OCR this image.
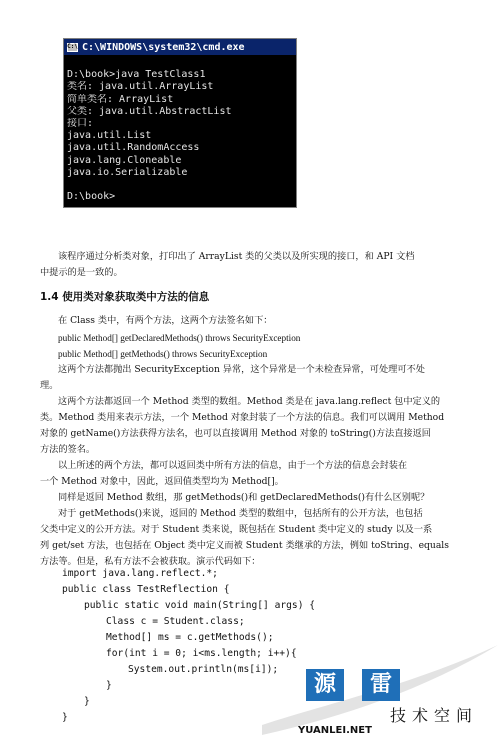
C:\ C:\WINDOWS\system32\cmd.exe
D:\book>java TestClass1
类名: java.util.ArrayList
简单类名: ArrayList
父类: java.util.AbstractList
接口:
java.util.List
java.util.RandomAccess
java.lang.Cloneable
java.io.Serializable
D:\book>
该程序通过分析类对象，打印出了 ArrayList 类的父类以及所实现的接口，和 API 文档
中提示的是一致的。
1.4 使用类对象获取类中方法的信息
在 Class 类中，有两个方法，这两个方法签名如下：
public Method[] getDeclaredMethods() throws SecurityException
public Method[] getMethods() throws SecurityException
这两个方法都抛出 SecurityException 异常，这个异常是一个未检查异常，可处理可不处
理。
这两个方法都返回一个 Method 类型的数组。Method 类是在 java.lang.reflect 包中定义的
类。Method 类用来表示方法，一个 Method 对象封装了一个方法的信息。我们可以调用 Method
对象的 getName()方法获得方法名，也可以直接调用 Method 对象的 toString()方法直接返回
方法的签名。
以上所述的两个方法，都可以返回类中所有方法的信息，由于一个方法的信息会封装在
一个 Method 对象中，因此，返回值类型均为 Method[]。
同样是返回 Method 数组，那 getMethods()和 getDeclaredMethods()有什么区别呢？
对于 getMethods()来说，返回的 Method 类型的数组中，包括所有的公开方法，也包括
父类中定义的公开方法。对于 Student 类来说，既包括在 Student 类中定义的 study 以及一系
列 get/set 方法，也包括在 Object 类中定义而被 Student 类继承的方法，例如 toString、equals
方法等。但是，私有方法不会被获取。演示代码如下：
import java.lang.reflect.*;
public class TestReflection {
public static void main(String[] args) {
Class c = Student.class;
Method[] ms = c.getMethods();
for(int i = 0; i<ms.length; i++){
System.out.println(ms[i]);
}
}
}
源	雷
技术空间
YUANLEI.NET
